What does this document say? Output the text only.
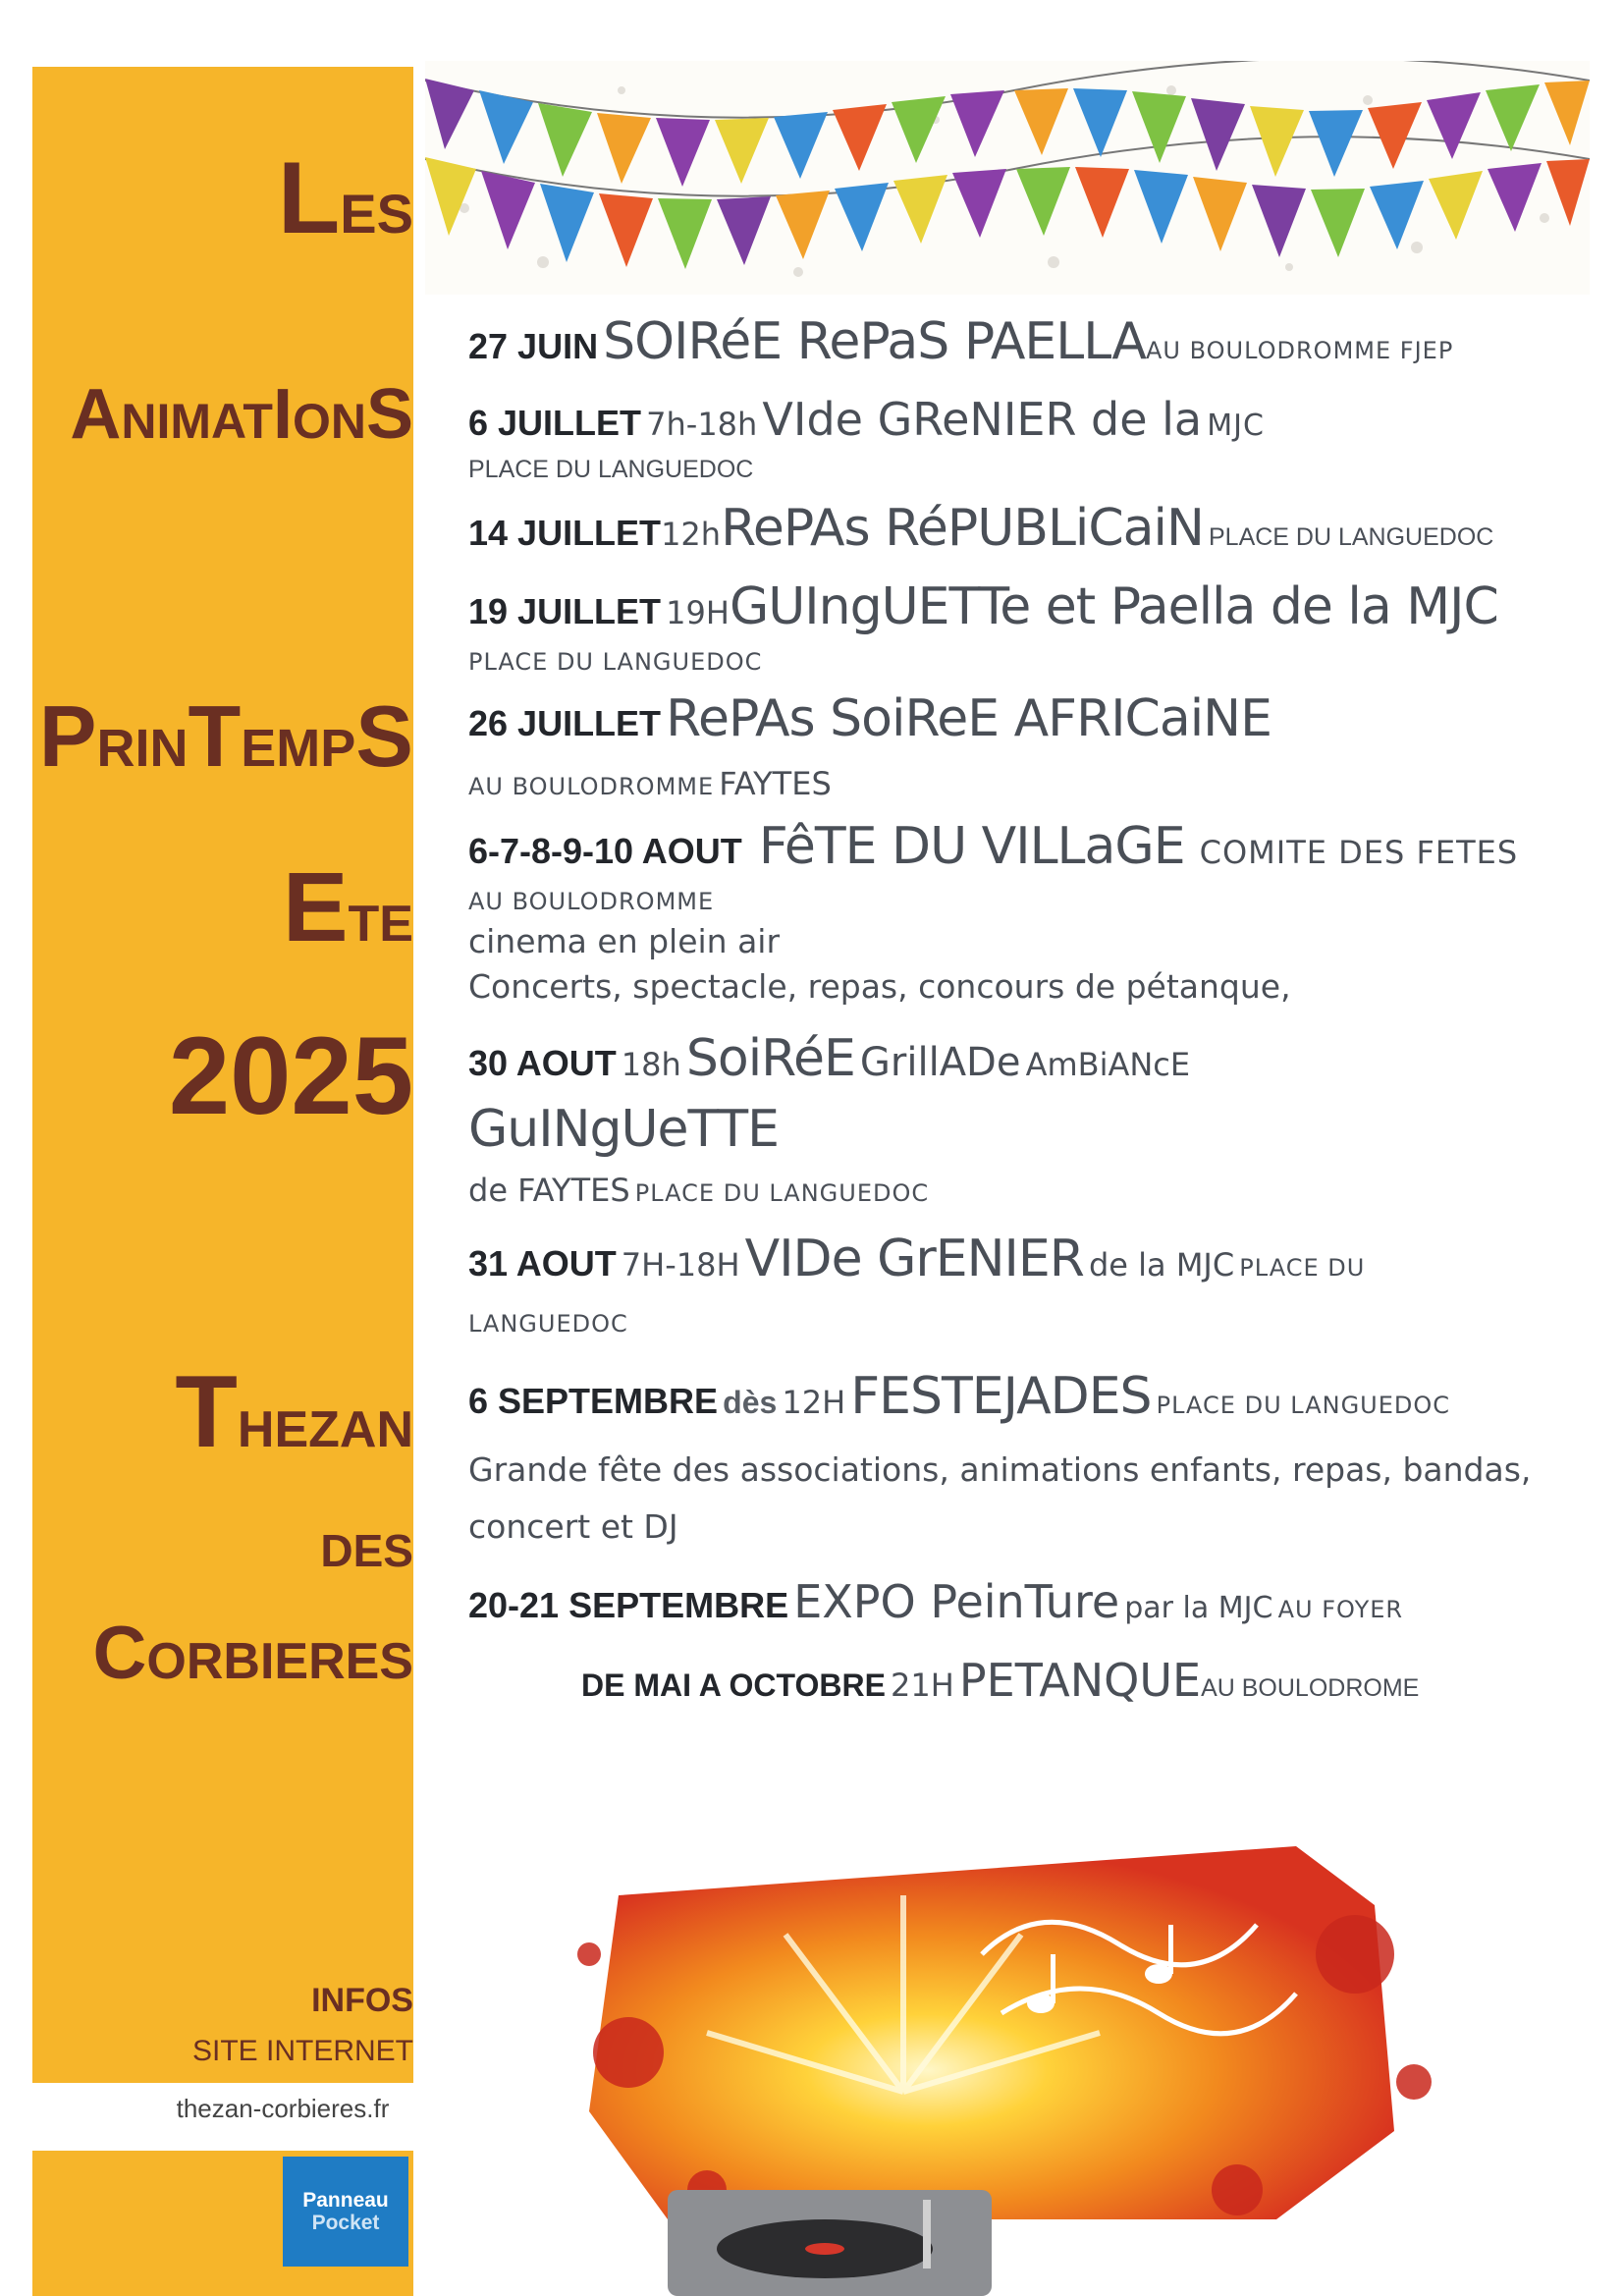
LES
ANIMATIONS
PRINTEMPS
ETE
2025
THEZAN
DES
CORBIERES
INFOS
SITE INTERNET
thezan-corbieres.fr
Panneau
Pocket
27 JUIN SOIRéE RePaS PAELLAAU BOULODROMME FJEP
6 JUILLET 7h-18h VIde GReNIER de la MJC
PLACE DU LANGUEDOC
14 JUILLET12hRePAs RéPUBLiCaiN PLACE DU LANGUEDOC
19 JUILLET 19HGUIngUETTe et Paella de la MJC
PLACE DU LANGUEDOC
26 JUILLET RePAs SoiReE AFRICaiNE
AU BOULODROMME FAYTES
6-7-8-9-10 AOUT FêTE DU VILLaGE COMITE DES FETES
AU BOULODROMME
cinema en plein air
Concerts, spectacle, repas, concours de pétanque,
30 AOUT 18h SoiRéE GrillADe AmBiANcE
GuINgUeTTE
de FAYTES PLACE DU LANGUEDOC
31 AOUT 7H-18H VIDe GrENIER de la MJC PLACE DU
LANGUEDOC
6 SEPTEMBRE dès 12H FESTEJADES PLACE DU LANGUEDOC
Grande fête des associations, animations enfants, repas, bandas,
concert et DJ
20-21 SEPTEMBRE EXPO PeinTure par la MJC AU FOYER
DE MAI A OCTOBRE 21H PETANQUEAU BOULODROME
